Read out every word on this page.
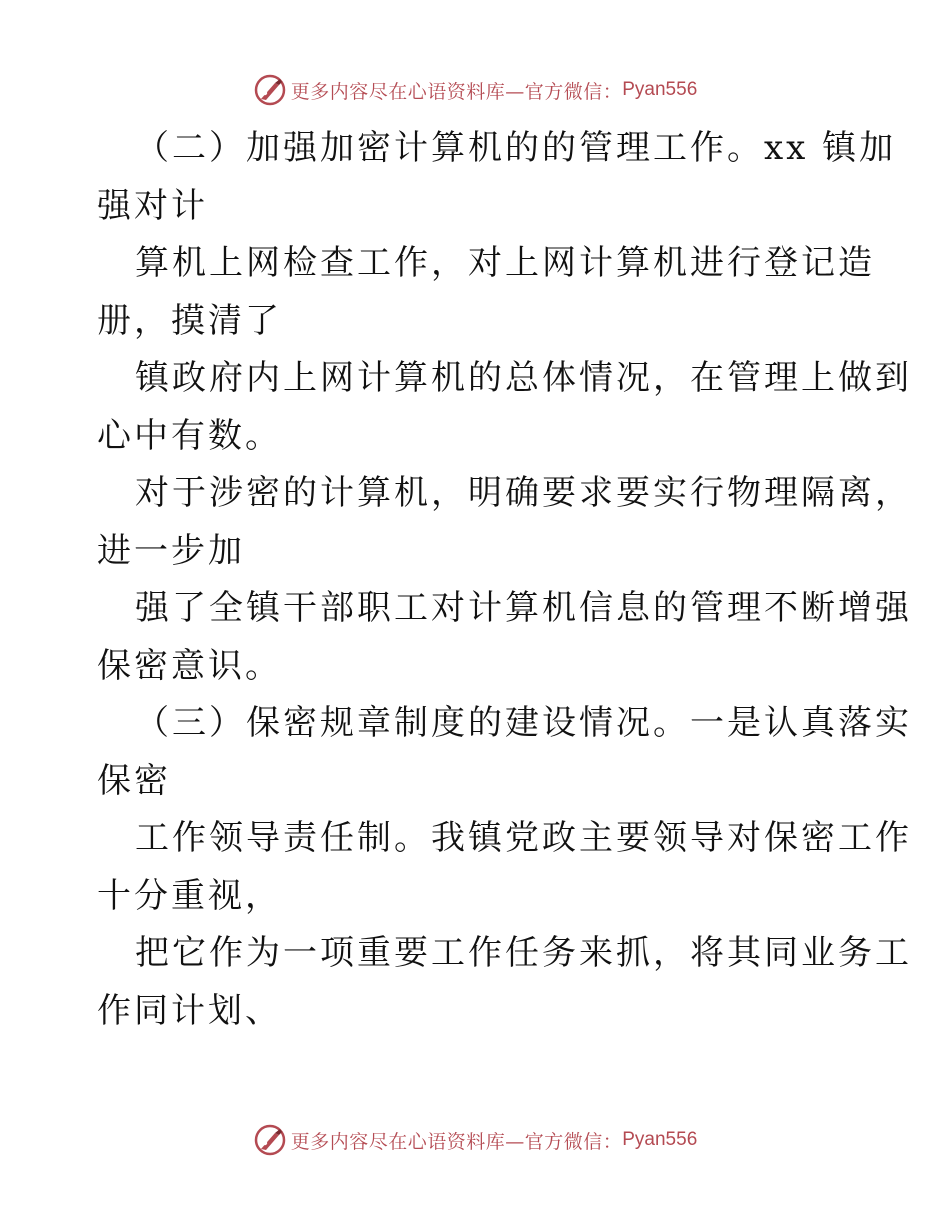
更多内容尽在心语资料库—官方微信： Pyan556
（二）加强加密计算机的的管理工作。xx 镇加
强对计
算机上网检查工作，对上网计算机进行登记造
册，摸清了
镇政府内上网计算机的总体情况，在管理上做到
心中有数。
对于涉密的计算机，明确要求要实行物理隔离，
进一步加
强了全镇干部职工对计算机信息的管理不断增强
保密意识。
（三）保密规章制度的建设情况。一是认真落实
保密
工作领导责任制。我镇党政主要领导对保密工作
十分重视，
把它作为一项重要工作任务来抓，将其同业务工
作同计划、
更多内容尽在心语资料库—官方微信： Pyan556
